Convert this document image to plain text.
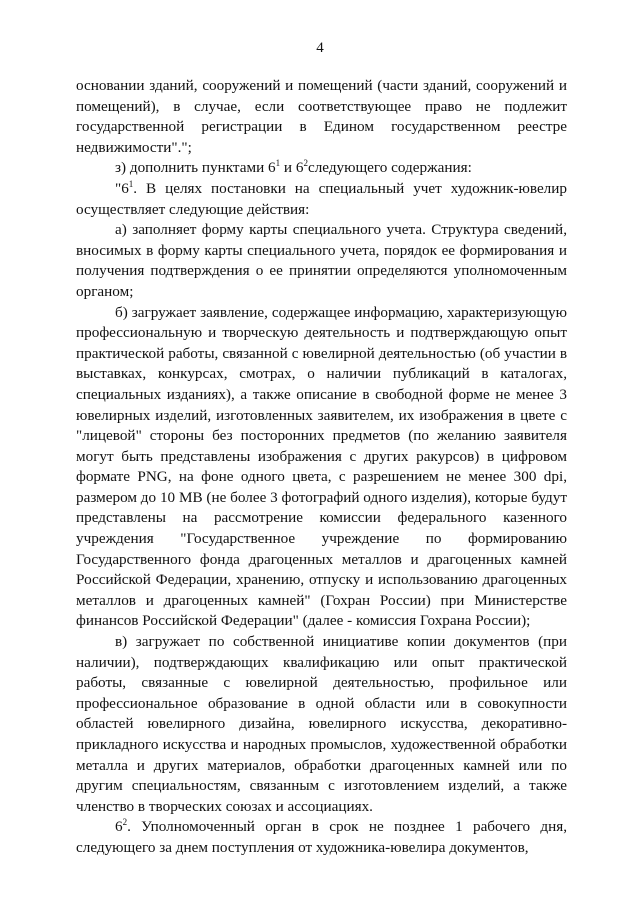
4

основании зданий, сооружений и помещений (части зданий, сооружений и помещений), в случае, если соответствующее право не подлежит государственной регистрации в Едином государственном реестре недвижимости".";

з) дополнить пунктами $6^1$ и $6^2следующего$ содержания:

"$6^1$. В целях постановки на специальный учет художник-ювелир осуществляет следующие действия:

а) заполняет форму карты специального учета. Структура сведений, вносимых в форму карты специального учета, порядок ее формирования и получения подтверждения о ее принятии определяются уполномоченным органом;

б) загружает заявление, содержащее информацию, характеризующую профессиональную и творческую деятельность и подтверждающую опыт практической работы, связанной с ювелирной деятельностью (об участии в выставках, конкурсах, смотрах, о наличии публикаций в каталогах, специальных изданиях), а также описание в свободной форме не менее 3 ювелирных изделий, изготовленных заявителем, их изображения в цветe с "лицевой" стороны без посторонних предметов (по желанию заявителя могут быть представлены изображения с других ракурсов) в цифровом формате PNG, на фоне одного цвета, с разрешением не менее 300 dpi, размером до 10 MB (не более 3 фотографий одного изделия), которые будут представлены на рассмотрение комиссии федерального казенного учреждения "Государственное учреждение по формированию Государственного фонда драгоценных металлов и драгоценных камней Российской Федерации, хранению, отпуску и использованию драгоценных металлов и драгоценных камней" (Гохран России) при Министерстве финансов Российской Федерации" (далее - комиссия Гохрана России);

в) загружает по собственной инициативе копии документов (при наличии), подтверждающих квалификацию или опыт практической работы, связанные с ювелирной деятельностью, профильное или профессиональное образование в одной области или в совокупности областей ювелирного дизайна, ювелирного искусства, декоративно-прикладного искусства и народных промыслов, художественной обработки металла и других материалов, обработки драгоценных камней или по другим специальностям, связанным с изготовлением изделий, а также членство в творческих союзах и ассоциациях.

$6^2$. Уполномоченный орган в срок не позднее 1 рабочего дня, следующего за днем поступления от художника-ювелира документов,
